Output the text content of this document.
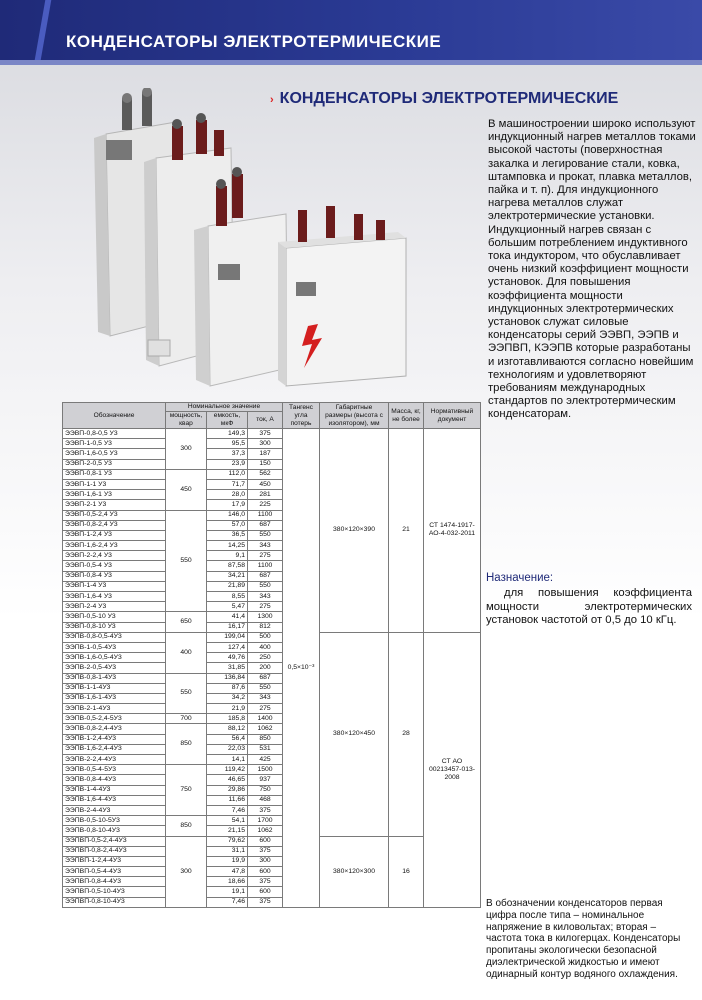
КОНДЕНСАТОРЫ ЭЛЕКТРОТЕРМИЧЕСКИЕ
› КОНДЕНСАТОРЫ ЭЛЕКТРОТЕРМИЧЕСКИЕ
В машиностроении широко используют индукционный нагрев металлов токами высокой частоты (поверхностная закалка и легирование стали, ковка, штамповка и прокат, плавка металлов, пайка и т. п). Для индукционного нагрева металлов служат электротермические установки. Индукционный нагрев связан с большим потреблением индуктивного тока индуктором, что обуславливает очень низкий коэффициент мощности установок. Для повышения коэффициента мощности индукционных электротермических установок служат силовые конденсаторы серий ЭЭВП, ЭЭПВ и ЭЭПВП, КЭЭПВ которые разработаны и изготавливаются согласно новейшим технологиям и удовлетворяют требованиям международных стандартов по электротермическим конденсаторам.
Назначение:
для повышения коэффициента мощности электротермических установок частотой от 0,5 до 10 кГц.
В обозначении конденсаторов первая цифра после типа – номинальное напряжение в киловольтах; вторая – частота тока в килогерцах. Конденсаторы пропитаны экологически безопасной диэлектрической жидкостью и имеют одинарный контур водяного охлаждения.
Обозначение	Номинальное значение			Тангенс угла потерь	Габаритные размеры (высота с изолятором), мм	Масса, кг, не более	Нормативный документ
	мощность, квар	емкость, мкФ	ток, А				
ЭЭВП-0,8-0,5 У3	300	149,3	375	0,5×10⁻³	380×120×390	21	СТ 1474-1917-АО-4-032-2011
ЭЭВП-1-0,5 У3		95,5	300				
ЭЭВП-1,6-0,5 У3		37,3	187				
ЭЭВП-2-0,5 У3		23,9	150				
ЭЭВП-0,8-1 У3	450	112,0	562				
ЭЭВП-1-1 У3		71,7	450				
ЭЭВП-1,6-1 У3		28,0	281				
ЭЭВП-2-1 У3		17,9	225				
ЭЭВП-0,5-2,4 У3	550	146,0	1100				
ЭЭВП-0,8-2,4 У3		57,0	687				
ЭЭВП-1-2,4 У3		36,5	550				
ЭЭВП-1,6-2,4 У3		14,25	343				
ЭЭВП-2-2,4 У3		9,1	275				
ЭЭВП-0,5-4 У3		87,58	1100				
ЭЭВП-0,8-4 У3		34,21	687				
ЭЭВП-1-4 У3		21,89	550				
ЭЭВП-1,6-4 У3		8,55	343				
ЭЭВП-2-4 У3		5,47	275				
ЭЭВП-0,5-10 У3	650	41,4	1300				
ЭЭВП-0,8-10 У3		16,17	812				
ЭЭПВ-0,8-0,5-4У3	400	199,04	500		380×120×450	28	СТ АО 00213457-013-2008
ЭЭПВ-1-0,5-4У3		127,4	400				
ЭЭПВ-1,6-0,5-4У3		49,76	250				
ЭЭПВ-2-0,5-4У3		31,85	200				
ЭЭПВ-0,8-1-4У3	550	136,84	687				
ЭЭПВ-1-1-4У3		87,6	550				
ЭЭПВ-1,6-1-4У3		34,2	343				
ЭЭПВ-2-1-4У3		21,9	275				
ЭЭПВ-0,5-2,4-5У3	700	185,8	1400				
ЭЭПВ-0,8-2,4-4У3	850	88,12	1062				
ЭЭПВ-1-2,4-4У3		56,4	850				
ЭЭПВ-1,6-2,4-4У3		22,03	531				
ЭЭПВ-2-2,4-4У3		14,1	425				
ЭЭПВ-0,5-4-5У3	750	119,42	1500				
ЭЭПВ-0,8-4-4У3		46,65	937				
ЭЭПВ-1-4-4У3		29,86	750				
ЭЭПВ-1,6-4-4У3		11,66	468				
ЭЭПВ-2-4-4У3		7,46	375				
ЭЭПВ-0,5-10-5У3	850	54,1	1700				
ЭЭПВ-0,8-10-4У3		21,15	1062				
ЭЭПВП-0,5-2,4-4У3	300	79,62	600		380×120×300	16	
ЭЭПВП-0,8-2,4-4У3		31,1	375				
ЭЭПВП-1-2,4-4У3		19,9	300				
ЭЭПВП-0,5-4-4У3		47,8	600				
ЭЭПВП-0,8-4-4У3		18,66	375				
ЭЭПВП-0,5-10-4У3		19,1	600				
ЭЭПВП-0,8-10-4У3		7,46	375				
